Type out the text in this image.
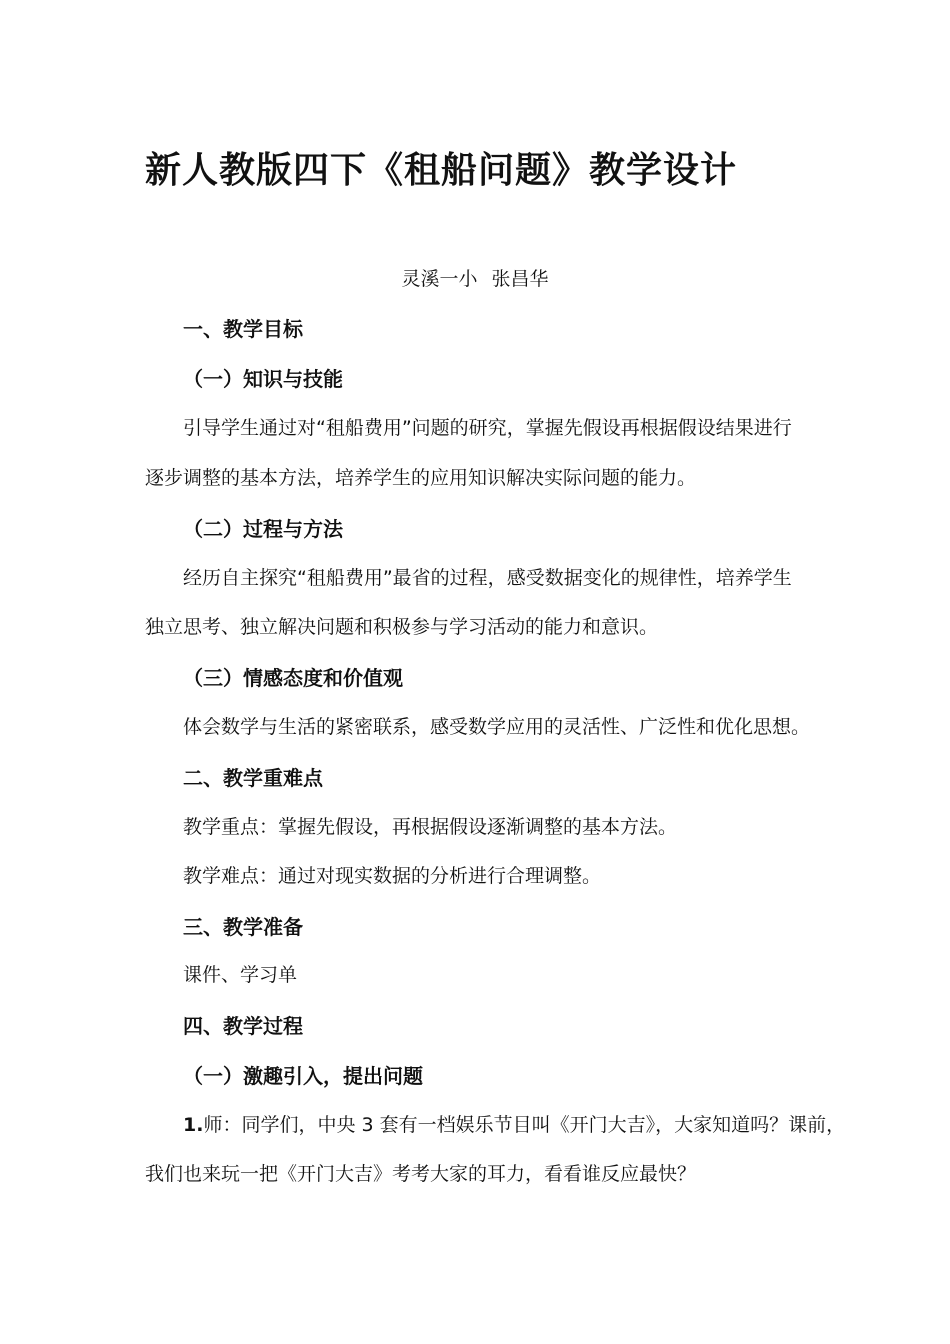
新人教版四下《租船问题》教学设计
灵溪一小 张昌华
一、教学目标
（一）知识与技能
引导学生通过对“租船费用”问题的研究，掌握先假设再根据假设结果进行
逐步调整的基本方法，培养学生的应用知识解决实际问题的能力。
（二）过程与方法
经历自主探究“租船费用”最省的过程，感受数据变化的规律性，培养学生
独立思考、独立解决问题和积极参与学习活动的能力和意识。
（三）情感态度和价值观
体会数学与生活的紧密联系，感受数学应用的灵活性、广泛性和优化思想。
二、教学重难点
教学重点：掌握先假设，再根据假设逐渐调整的基本方法。
教学难点：通过对现实数据的分析进行合理调整。
三、教学准备
课件、学习单
四、教学过程
（一）激趣引入，提出问题
1.师：同学们，中央 3 套有一档娱乐节目叫《开门大吉》，大家知道吗？课前，
我们也来玩一把《开门大吉》考考大家的耳力，看看谁反应最快？
